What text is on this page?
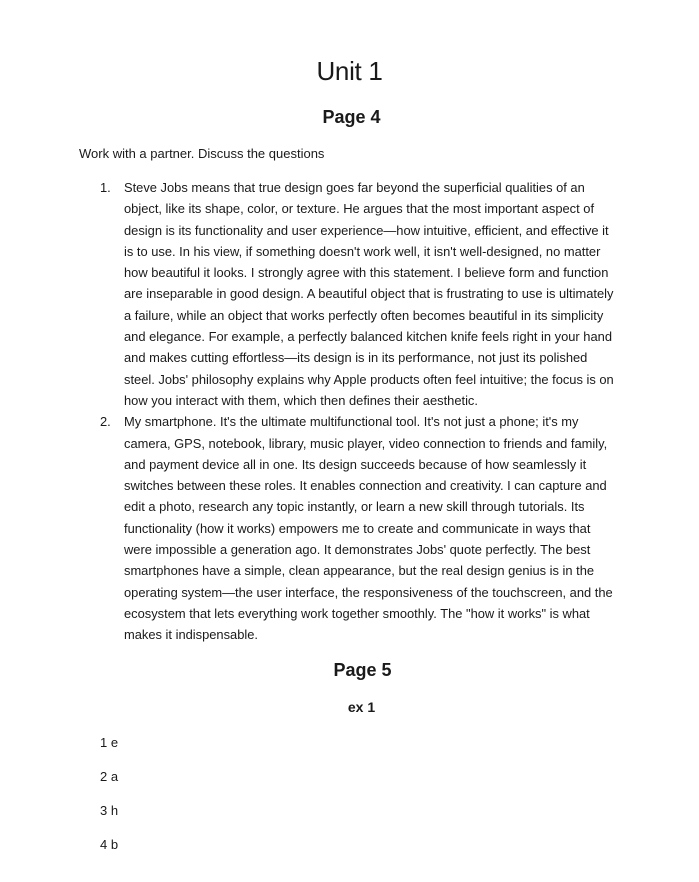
Unit 1
Page 4

Work with a partner. Discuss the questions

1. Steve Jobs means that true design goes far beyond the superficial qualities of an object, like its shape, color, or texture. He argues that the most important aspect of design is its functionality and user experience—how intuitive, efficient, and effective it is to use. In his view, if something doesn't work well, it isn't well-designed, no matter how beautiful it looks. I strongly agree with this statement. I believe form and function are inseparable in good design. A beautiful object that is frustrating to use is ultimately a failure, while an object that works perfectly often becomes beautiful in its simplicity and elegance. For example, a perfectly balanced kitchen knife feels right in your hand and makes cutting effortless—its design is in its performance, not just its polished steel. Jobs' philosophy explains why Apple products often feel intuitive; the focus is on how you interact with them, which then defines their aesthetic.
2. My smartphone. It's the ultimate multifunctional tool. It's not just a phone; it's my camera, GPS, notebook, library, music player, video connection to friends and family, and payment device all in one. Its design succeeds because of how seamlessly it switches between these roles. It enables connection and creativity. I can capture and edit a photo, research any topic instantly, or learn a new skill through tutorials. Its functionality (how it works) empowers me to create and communicate in ways that were impossible a generation ago. It demonstrates Jobs' quote perfectly. The best smartphones have a simple, clean appearance, but the real design genius is in the operating system—the user interface, the responsiveness of the touchscreen, and the ecosystem that lets everything work together smoothly. The "how it works" is what makes it indispensable.
Page 5
ex 1
1 e
2 a
3 h
4 b
